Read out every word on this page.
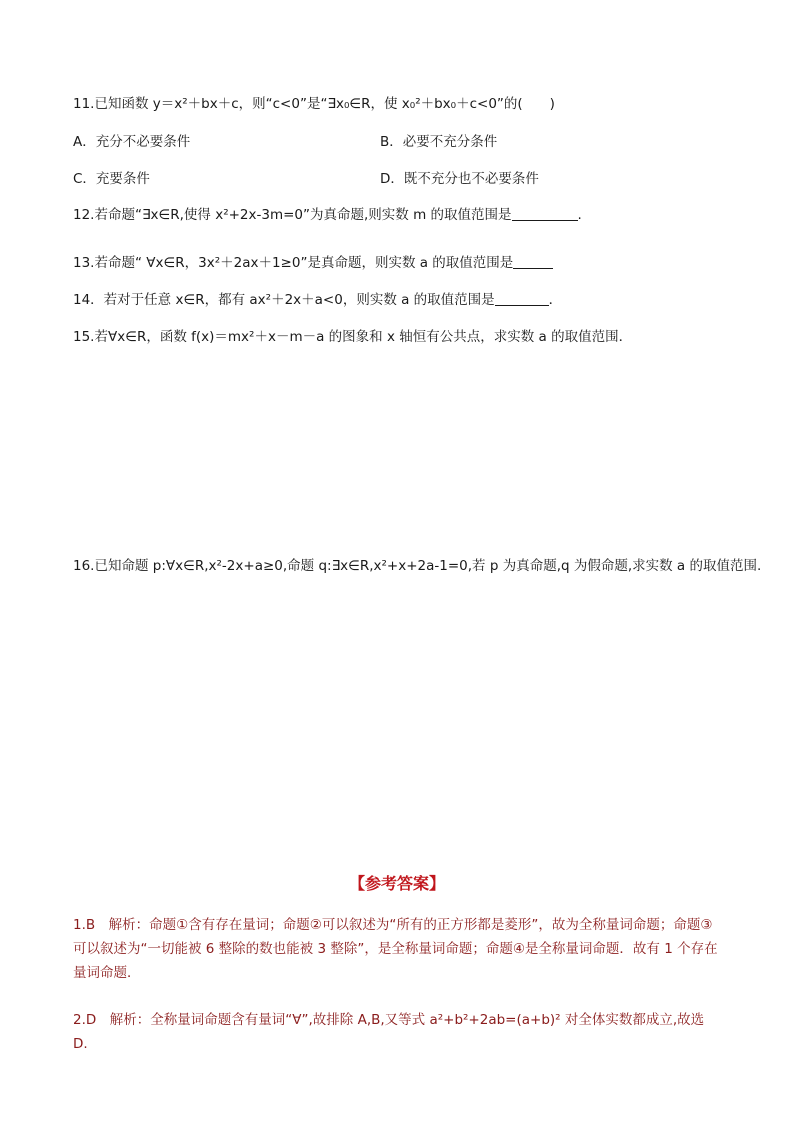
11.已知函数 y＝x²＋bx＋c，则“c<0”是“∃x₀∈R，使 x₀²＋bx₀＋c<0”的(　　)
A．充分不必要条件	B．必要不充分条件
C．充要条件	D．既不充分也不必要条件
12.若命题“∃x∈R,使得 x²+2x-3m=0”为真命题,则实数 m 的取值范围是	.
13.若命题“ ∀x∈R，3x²＋2ax＋1≥0”是真命题，则实数 a 的取值范围是
14．若对于任意 x∈R，都有 ax²＋2x＋a<0，则实数 a 的取值范围是	．
15.若∀x∈R，函数 f(x)＝mx²＋x－m－a 的图象和 x 轴恒有公共点，求实数 a 的取值范围．
16.已知命题 p:∀x∈R,x²-2x+a≥0,命题 q:∃x∈R,x²+x+2a-1=0,若 p 为真命题,q 为假命题,求实数 a 的取值范围.
【参考答案】
1.B　解析：命题①含有存在量词；命题②可以叙述为“所有的正方形都是菱形”，故为全称量词命题；命题③可以叙述为“一切能被 6 整除的数也能被 3 整除”，是全称量词命题；命题④是全称量词命题．故有 1 个存在量词命题．
2.D　解析：全称量词命题含有量词“∀”,故排除 A,B,又等式 a²+b²+2ab=(a+b)² 对全体实数都成立,故选 D.
